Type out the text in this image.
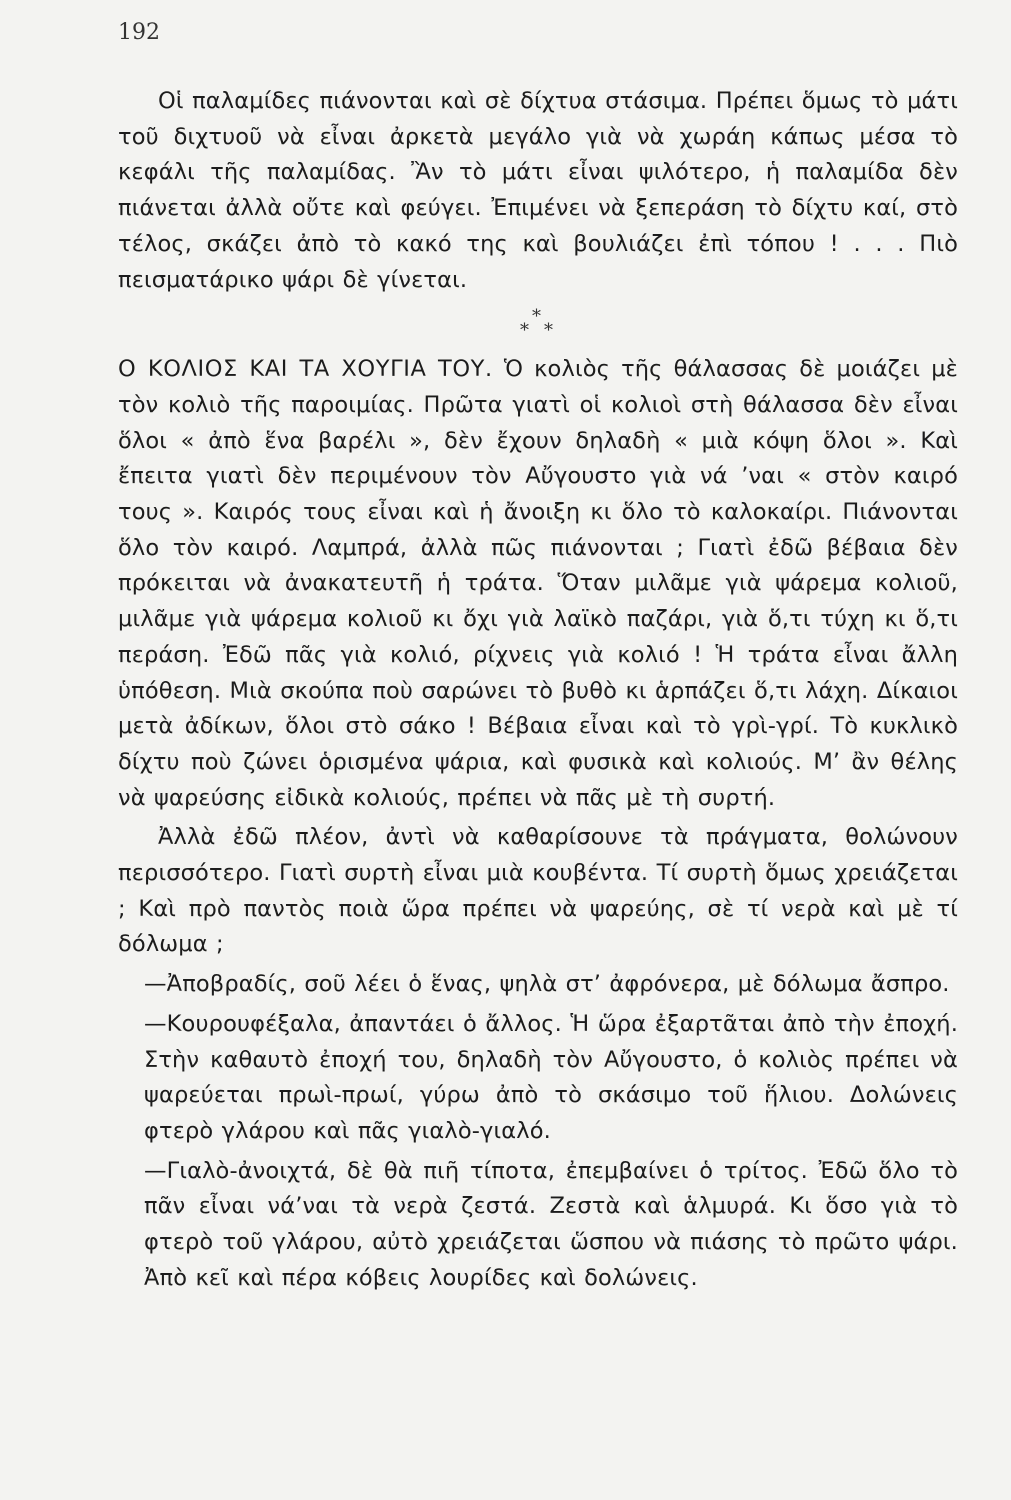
192

Οἱ παλαμίδες πιάνονται καὶ σὲ δίχτυα στάσιμα. Πρέπει ὅμως τὸ μάτι τοῦ διχτυοῦ νὰ εἶναι ἀρκετὰ μεγάλο γιὰ νὰ χωράη κάπως μέσα τὸ κεφάλι τῆς παλαμίδας. Ἂν τὸ μάτι εἶναι ψιλότερο, ἡ παλαμίδα δὲν πιάνεται ἀλλὰ οὔτε καὶ φεύγει. Ἐπιμένει νὰ ξεπεράση τὸ δίχτυ καί, στὸ τέλος, σκάζει ἀπὸ τὸ κακό της καὶ βουλιάζει ἐπὶ τόπου ! . . . Πιὸ πεισματάρικο ψάρι δὲ γίνεται.

*
* *

Ο ΚΟΛΙΟΣ ΚΑΙ ΤΑ ΧΟΥΓΙΑ ΤΟΥ. Ὁ κολιὸς τῆς θάλασσας δὲ μοιάζει μὲ τὸν κολιὸ τῆς παροιμίας. Πρῶτα γιατὶ οἱ κολιοὶ στὴ θάλασσα δὲν εἶναι ὅλοι « ἀπὸ ἕνα βαρέλι », δὲν ἔχουν δηλαδὴ « μιὰ κόψη ὅλοι ». Καὶ ἔπειτα γιατὶ δὲν περιμένουν τὸν Αὔγουστο γιὰ νά ’ναι « στὸν καιρό τους ». Καιρός τους εἶναι καὶ ἡ ἄνοιξη κι ὅλο τὸ καλοκαίρι. Πιάνονται ὅλο τὸν καιρό. Λαμπρά, ἀλλὰ πῶς πιάνονται ; Γιατὶ ἐδῶ βέβαια δὲν πρόκειται νὰ ἀνακατευτῆ ἡ τράτα. Ὅταν μιλᾶμε γιὰ ψάρεμα κολιοῦ, μιλᾶμε γιὰ ψάρεμα κολιοῦ κι ὄχι γιὰ λαϊκὸ παζάρι, γιὰ ὅ,τι τύχη κι ὅ,τι περάση. Ἐδῶ πᾶς γιὰ κολιό, ρίχνεις γιὰ κολιό ! Ἡ τράτα εἶναι ἄλλη ὑπόθεση. Μιὰ σκούπα ποὺ σαρώνει τὸ βυθὸ κι ἁρπάζει ὅ,τι λάχη. Δίκαιοι μετὰ ἀδίκων, ὅλοι στὸ σάκο ! Βέβαια εἶναι καὶ τὸ γρὶ-γρί. Τὸ κυκλικὸ δίχτυ ποὺ ζώνει ὁρισμένα ψάρια, καὶ φυσικὰ καὶ κολιούς. Μ’ ἂν θέλης νὰ ψαρεύσης εἰδικὰ κολιούς, πρέπει νὰ πᾶς μὲ τὴ συρτή.

Ἀλλὰ ἐδῶ πλέον, ἀντὶ νὰ καθαρίσουνε τὰ πράγματα, θολώνουν περισσότερο. Γιατὶ συρτὴ εἶναι μιὰ κουβέντα. Τί συρτὴ ὅμως χρειάζεται ; Καὶ πρὸ παντὸς ποιὰ ὥρα πρέπει νὰ ψαρεύης, σὲ τί νερὰ καὶ μὲ τί δόλωμα ;

—Ἀποβραδίς, σοῦ λέει ὁ ἕνας, ψηλὰ στ’ ἀφρόνερα, μὲ δόλωμα ἄσπρο.

—Κουρουφέξαλα, ἀπαντάει ὁ ἄλλος. Ἡ ὥρα ἐξαρτᾶται ἀπὸ τὴν ἐποχή. Στὴν καθαυτὸ ἐποχή του, δηλαδὴ τὸν Αὔγουστο, ὁ κολιὸς πρέπει νὰ ψαρεύεται πρωὶ-πρωί, γύρω ἀπὸ τὸ σκάσιμο τοῦ ἥλιου. Δολώνεις φτερὸ γλάρου καὶ πᾶς γιαλὸ-γιαλό.

—Γιαλὸ-ἀνοιχτά, δὲ θὰ πιῆ τίποτα, ἐπεμβαίνει ὁ τρίτος. Ἐδῶ ὅλο τὸ πᾶν εἶναι νά’ναι τὰ νερὰ ζεστά. Ζεστὰ καὶ ἁλμυρά. Κι ὅσο γιὰ τὸ φτερὸ τοῦ γλάρου, αὐτὸ χρειάζεται ὥσπου νὰ πιάσης τὸ πρῶτο ψάρι. Ἀπὸ κεῖ καὶ πέρα κόβεις λουρίδες καὶ δολώνεις.
